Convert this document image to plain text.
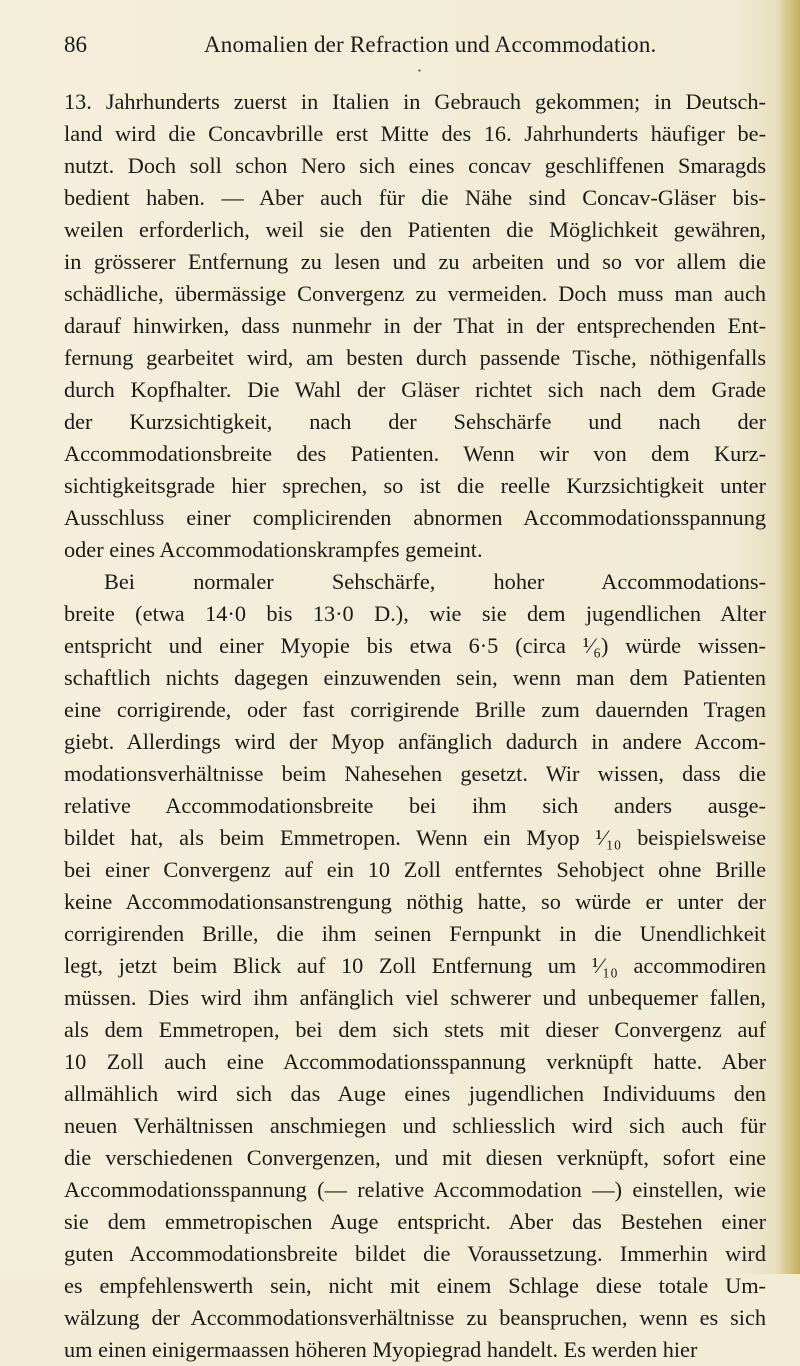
86	Anomalien der Refraction und Accommodation.
▪

13. Jahrhunderts zuerst in Italien in Gebrauch gekommen; in Deutsch-

land wird die Concavbrille erst Mitte des 16. Jahrhunderts häufiger be-

nutzt. Doch soll schon Nero sich eines concav geschliffenen Smaragds

bedient haben. — Aber auch für die Nähe sind Concav-Gläser bis-

weilen erforderlich, weil sie den Patienten die Möglichkeit gewähren,

in grösserer Entfernung zu lesen und zu arbeiten und so vor allem die

schädliche, übermässige Convergenz zu vermeiden. Doch muss man auch

darauf hinwirken, dass nunmehr in der That in der entsprechenden Ent-

fernung gearbeitet wird, am besten durch passende Tische, nöthigenfalls

durch Kopfhalter. Die Wahl der Gläser richtet sich nach dem Grade

der Kurzsichtigkeit, nach der Sehschärfe und nach der

Accommodationsbreite des Patienten. Wenn wir von dem Kurz-

sichtigkeitsgrade hier sprechen, so ist die reelle Kurzsichtigkeit unter

Ausschluss einer complicirenden abnormen Accommodationsspannung

oder eines Accommodationskrampfes gemeint.

Bei normaler Sehschärfe, hoher Accommodations-

breite (etwa 14·0 bis 13·0 D.), wie sie dem jugendlichen Alter

entspricht und einer Myopie bis etwa 6·5 (circa ¹⁄₆) würde wissen-

schaftlich nichts dagegen einzuwenden sein, wenn man dem Patienten

eine corrigirende, oder fast corrigirende Brille zum dauernden Tragen

giebt. Allerdings wird der Myop anfänglich dadurch in andere Accom-

modationsverhältnisse beim Nahesehen gesetzt. Wir wissen, dass die

relative Accommodationsbreite bei ihm sich anders ausge-

bildet hat, als beim Emmetropen. Wenn ein Myop ¹⁄₁₀ beispielsweise

bei einer Convergenz auf ein 10 Zoll entferntes Sehobject ohne Brille

keine Accommodationsanstrengung nöthig hatte, so würde er unter der

corrigirenden Brille, die ihm seinen Fernpunkt in die Unendlichkeit

legt, jetzt beim Blick auf 10 Zoll Entfernung um ¹⁄₁₀ accommodiren

müssen. Dies wird ihm anfänglich viel schwerer und unbequemer fallen,

als dem Emmetropen, bei dem sich stets mit dieser Convergenz auf

10 Zoll auch eine Accommodationsspannung verknüpft hatte. Aber

allmählich wird sich das Auge eines jugendlichen Individuums den

neuen Verhältnissen anschmiegen und schliesslich wird sich auch für

die verschiedenen Convergenzen, und mit diesen verknüpft, sofort eine

Accommodationsspannung (— relative Accommodation —) einstellen, wie

sie dem emmetropischen Auge entspricht. Aber das Bestehen einer

guten Accommodationsbreite bildet die Voraussetzung. Immerhin wird

es empfehlenswerth sein, nicht mit einem Schlage diese totale Um-

wälzung der Accommodationsverhältnisse zu beanspruchen, wenn es sich

um einen einigermaassen höheren Myopiegrad handelt. Es werden hier
